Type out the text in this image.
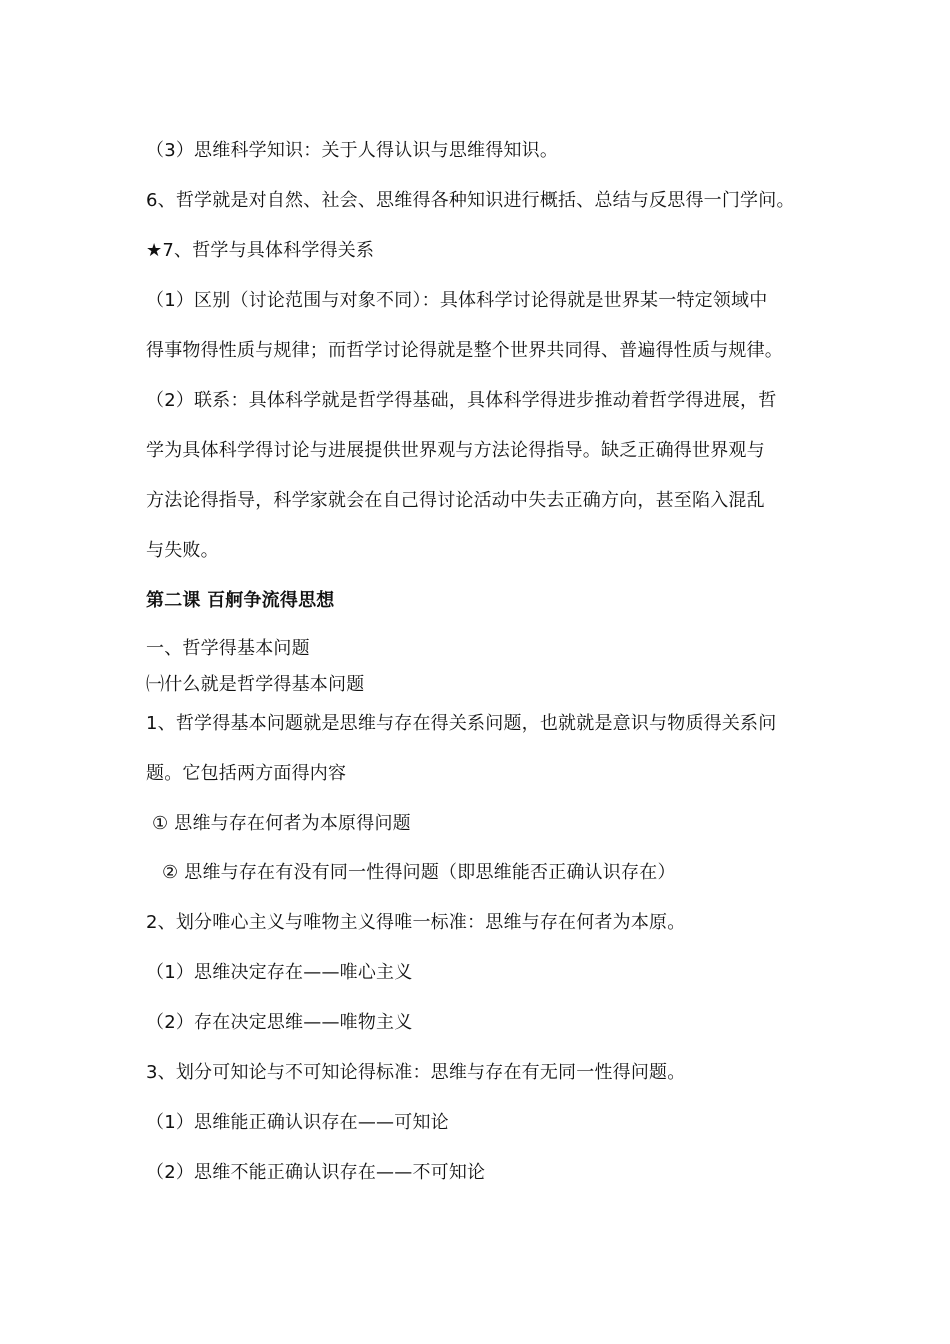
（3）思维科学知识：关于人得认识与思维得知识。
6、哲学就是对自然、社会、思维得各种知识进行概括、总结与反思得一门学问。
★7、哲学与具体科学得关系
（1）区别（讨论范围与对象不同）：具体科学讨论得就是世界某一特定领域中
得事物得性质与规律；而哲学讨论得就是整个世界共同得、普遍得性质与规律。
（2）联系：具体科学就是哲学得基础，具体科学得进步推动着哲学得进展，哲
学为具体科学得讨论与进展提供世界观与方法论得指导。缺乏正确得世界观与
方法论得指导，科学家就会在自己得讨论活动中失去正确方向，甚至陷入混乱
与失败。
第二课 百舸争流得思想
一、哲学得基本问题
㈠什么就是哲学得基本问题
1、哲学得基本问题就是思维与存在得关系问题，也就就是意识与物质得关系问
题。它包括两方面得内容
① 思维与存在何者为本原得问题
② 思维与存在有没有同一性得问题（即思维能否正确认识存在）
2、划分唯心主义与唯物主义得唯一标准：思维与存在何者为本原。
（1）思维决定存在——唯心主义
（2）存在决定思维——唯物主义
3、划分可知论与不可知论得标准：思维与存在有无同一性得问题。
（1）思维能正确认识存在——可知论
（2）思维不能正确认识存在——不可知论
